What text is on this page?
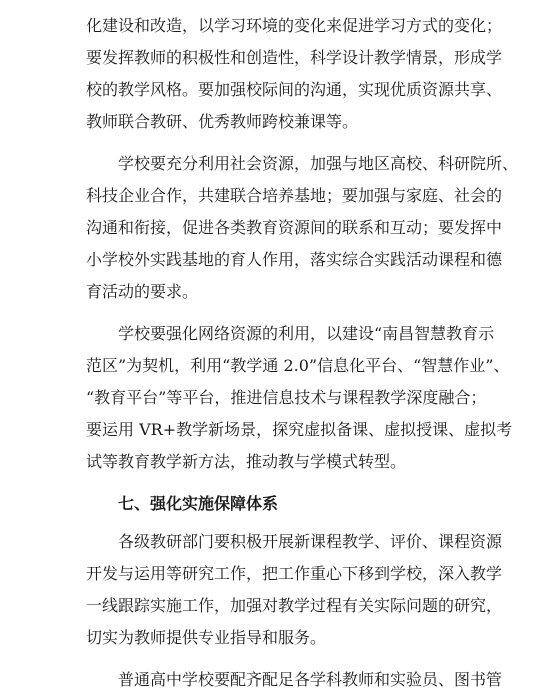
化建设和改造，以学习环境的变化来促进学习方式的变化；
要发挥教师的积极性和创造性，科学设计教学情景，形成学
校的教学风格。要加强校际间的沟通，实现优质资源共享、
教师联合教研、优秀教师跨校兼课等。
学校要充分利用社会资源，加强与地区高校、科研院所、
科技企业合作，共建联合培养基地；要加强与家庭、社会的
沟通和衔接，促进各类教育资源间的联系和互动；要发挥中
小学校外实践基地的育人作用，落实综合实践活动课程和德
育活动的要求。
学校要强化网络资源的利用，以建设“南昌智慧教育示
范区”为契机，利用“教学通 2.0”信息化平台、“智慧作业”、
“教育平台”等平台，推进信息技术与课程教学深度融合；
要运用 VR+教学新场景，探究虚拟备课、虚拟授课、虚拟考
试等教育教学新方法，推动教与学模式转型。
七、强化实施保障体系
各级教研部门要积极开展新课程教学、评价、课程资源
开发与运用等研究工作，把工作重心下移到学校，深入教学
一线跟踪实施工作，加强对教学过程有关实际问题的研究，
切实为教师提供专业指导和服务。
普通高中学校要配齐配足各学科教师和实验员、图书管
